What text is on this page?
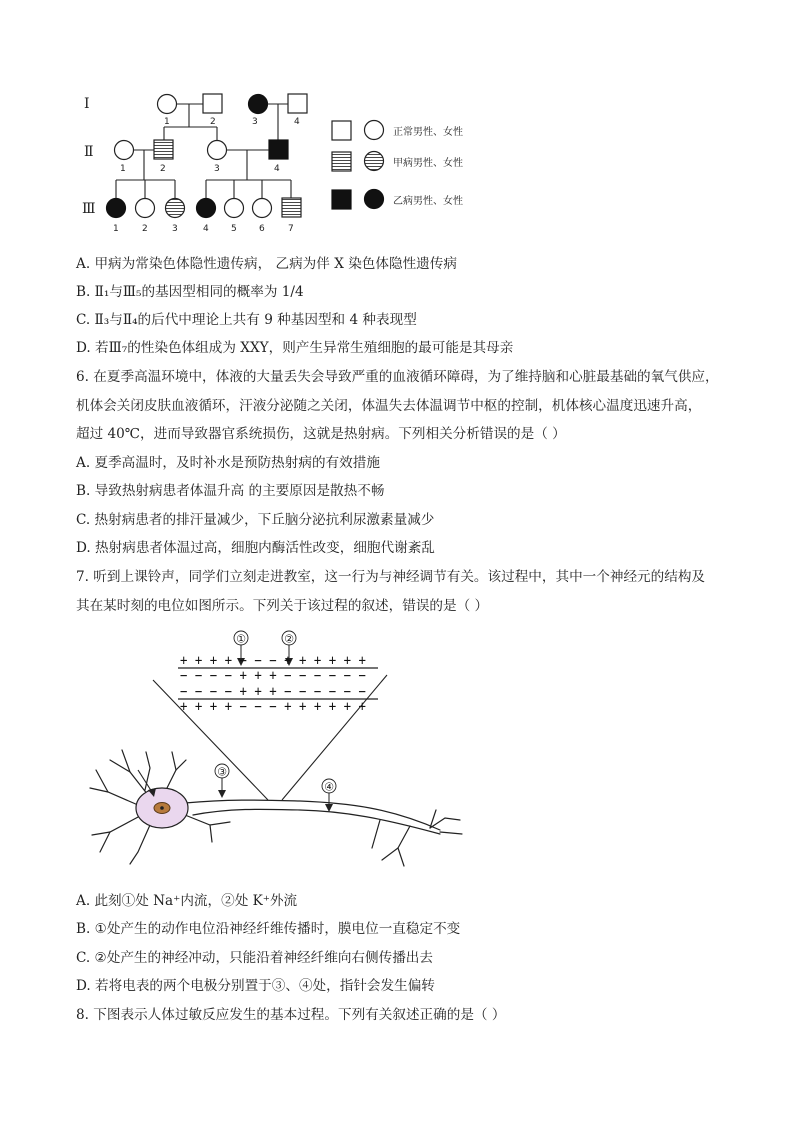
Ⅰ
Ⅱ
Ⅲ
1	2	3	4
1	2	3	4
1	2	3	4 5 6	7
正常男性、女性
甲病男性、女性
乙病男性、女性
A. 甲病为常染色体隐性遗传病， 乙病为伴 X 染色体隐性遗传病
B. Ⅱ₁与Ⅲ₅的基因型相同的概率为 1/4
C. Ⅱ₃与Ⅱ₄的后代中理论上共有 9 种基因型和 4 种表现型
D. 若Ⅲ₇的性染色体组成为 XXY，则产生异常生殖细胞的最可能是其母亲
6. 在夏季高温环境中，体液的大量丢失会导致严重的血液循环障碍，为了维持脑和心脏最基础的氧气供应，
机体会关闭皮肤血液循环，汗液分泌随之关闭，体温失去体温调节中枢的控制，机体核心温度迅速升高，
超过 40℃，进而导致器官系统损伤，这就是热射病。下列相关分析错误的是（ ）
A. 夏季高温时，及时补水是预防热射病的有效措施
B. 导致热射病患者体温升高 的主要原因是散热不畅
C. 热射病患者的排汗量减少，下丘脑分泌抗利尿激素量减少
D. 热射病患者体温过高，细胞内酶活性改变，细胞代谢紊乱
7. 听到上课铃声，同学们立刻走进教室，这一行为与神经调节有关。该过程中，其中一个神经元的结构及
其在某时刻的电位如图所示。下列关于该过程的叙述，错误的是（ ）
①	②
+ + + + − − − + + + + + +
− − − − + + + − − − − − −
− − − − + + + − − − − − −
+ + + + − − − + + + + + +
③
④
A. 此刻①处 Na⁺内流，②处 K⁺外流
B. ①处产生的动作电位沿神经纤维传播时，膜电位一直稳定不变
C. ②处产生的神经冲动，只能沿着神经纤维向右侧传播出去
D. 若将电表的两个电极分别置于③、④处，指针会发生偏转
8. 下图表示人体过敏反应发生的基本过程。下列有关叙述正确的是（ ）
